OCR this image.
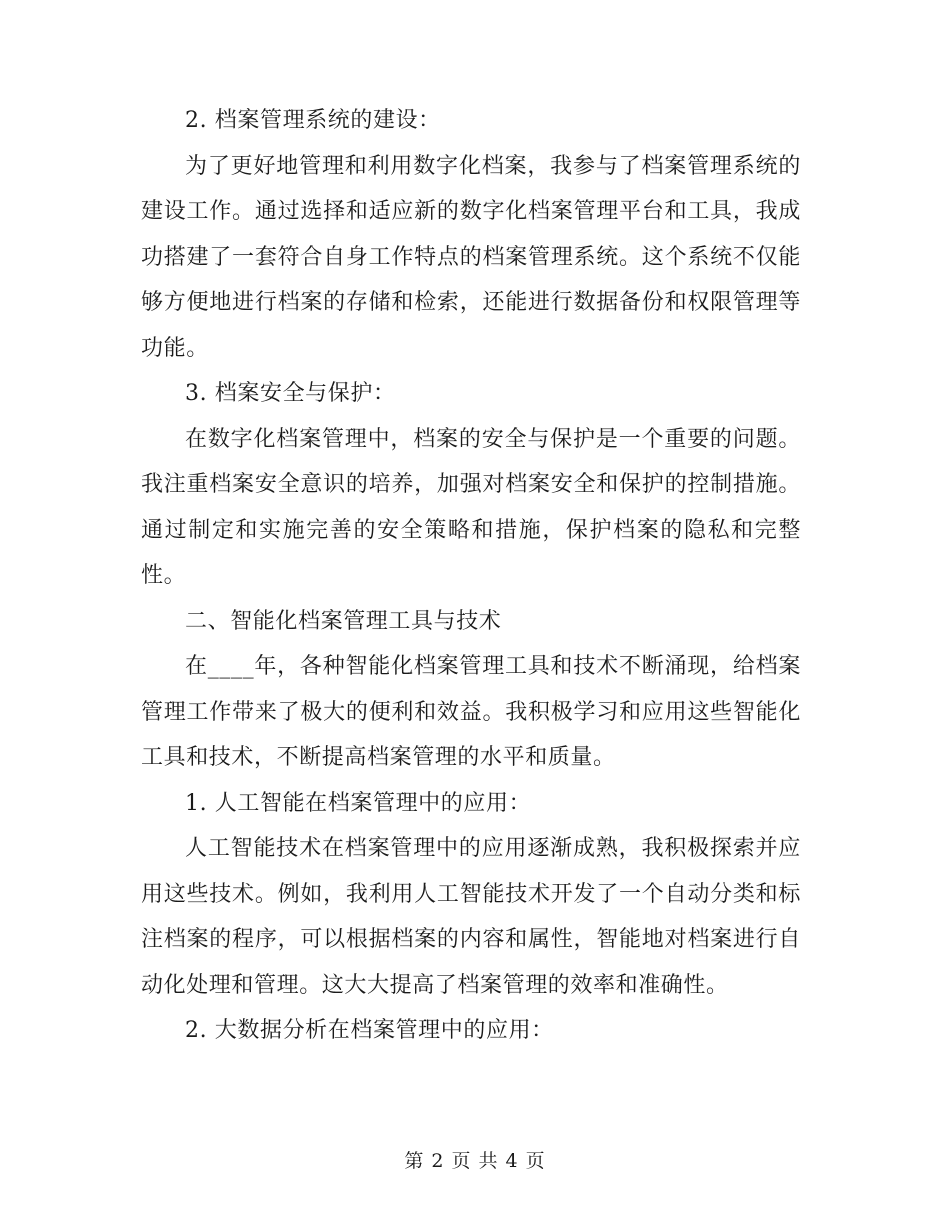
2. 档案管理系统的建设：

为了更好地管理和利用数字化档案，我参与了档案管理系统的建设工作。通过选择和适应新的数字化档案管理平台和工具，我成功搭建了一套符合自身工作特点的档案管理系统。这个系统不仅能够方便地进行档案的存储和检索，还能进行数据备份和权限管理等功能。

3. 档案安全与保护：

在数字化档案管理中，档案的安全与保护是一个重要的问题。我注重档案安全意识的培养，加强对档案安全和保护的控制措施。通过制定和实施完善的安全策略和措施，保护档案的隐私和完整性。

二、智能化档案管理工具与技术

在____年，各种智能化档案管理工具和技术不断涌现，给档案管理工作带来了极大的便利和效益。我积极学习和应用这些智能化工具和技术，不断提高档案管理的水平和质量。

1. 人工智能在档案管理中的应用：

人工智能技术在档案管理中的应用逐渐成熟，我积极探索并应用这些技术。例如，我利用人工智能技术开发了一个自动分类和标注档案的程序，可以根据档案的内容和属性，智能地对档案进行自动化处理和管理。这大大提高了档案管理的效率和准确性。

2. 大数据分析在档案管理中的应用：

第 2 页 共 4 页
